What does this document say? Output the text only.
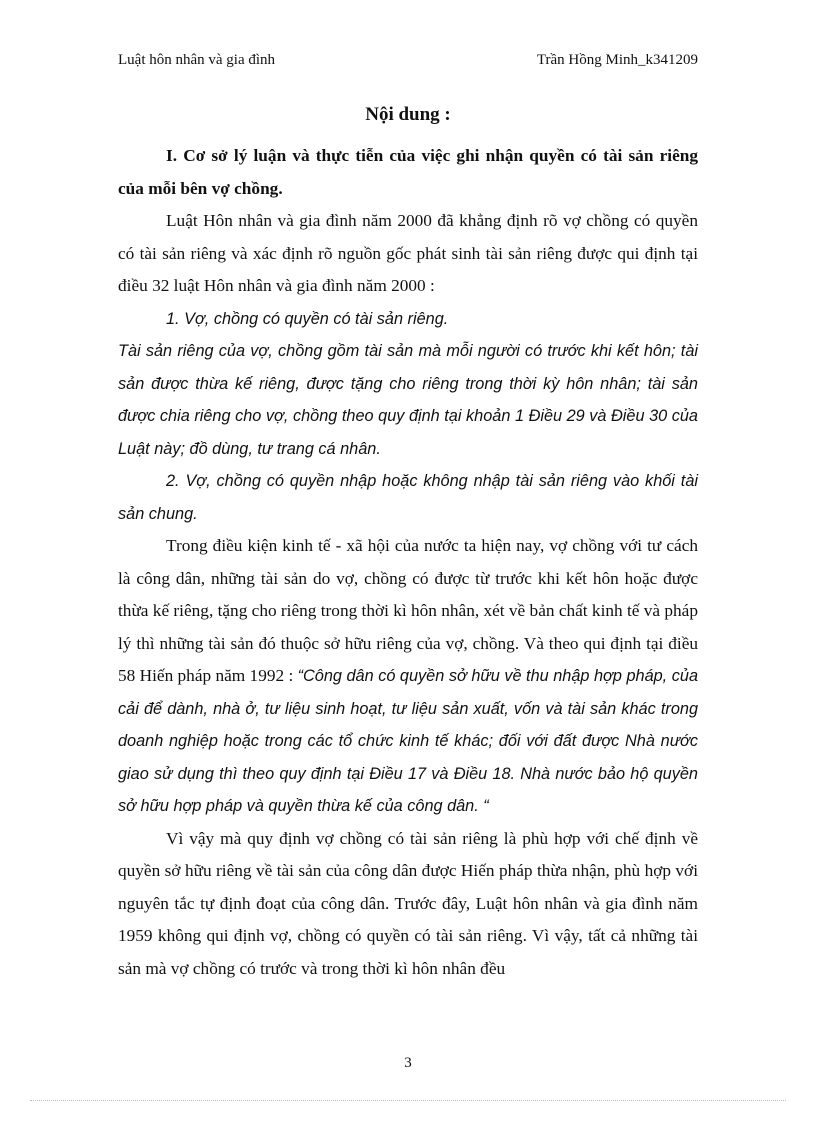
Luật hôn nhân và gia đình	Trần Hồng Minh_k341209
Nội dung :

I. Cơ sở lý luận và thực tiễn của việc ghi nhận quyền có tài sản riêng của mỗi bên vợ chồng.

Luật Hôn nhân và gia đình năm 2000 đã khẳng định rõ vợ chồng có quyền có tài sản riêng và xác định rõ nguồn gốc phát sinh tài sản riêng được qui định tại điều 32 luật Hôn nhân và gia đình năm 2000 :

1. Vợ, chồng có quyền có tài sản riêng.

Tài sản riêng của vợ, chồng gồm tài sản mà mỗi người có trước khi kết hôn; tài sản được thừa kế riêng, được tặng cho riêng trong thời kỳ hôn nhân; tài sản được chia riêng cho vợ, chồng theo quy định tại khoản 1 Điều 29 và Điều 30 của Luật này; đồ dùng, tư trang cá nhân.

2. Vợ, chồng có quyền nhập hoặc không nhập tài sản riêng vào khối tài sản chung.

Trong điều kiện kinh tế - xã hội của nước ta hiện nay, vợ chồng với tư cách là công dân, những tài sản do vợ, chồng có được từ trước khi kết hôn hoặc được thừa kế riêng, tặng cho riêng trong thời kì hôn nhân, xét về bản chất kinh tế và pháp lý thì những tài sản đó thuộc sở hữu riêng của vợ, chồng. Và theo qui định tại điều 58 Hiến pháp năm 1992 : “Công dân có quyền sở hữu về thu nhập hợp pháp, của cải để dành, nhà ở, tư liệu sinh hoạt, tư liệu sản xuất, vốn và tài sản khác trong doanh nghiệp hoặc trong các tổ chức kinh tế khác; đối với đất được Nhà nước giao sử dụng thì theo quy định tại Điều 17 và Điều 18. Nhà nước bảo hộ quyền sở hữu hợp pháp và quyền thừa kế của công dân. “

Vì vậy mà quy định vợ chồng có tài sản riêng là phù hợp với chế định về quyền sở hữu riêng về tài sản của công dân được Hiến pháp thừa nhận, phù hợp với nguyên tắc tự định đoạt của công dân. Trước đây, Luật hôn nhân và gia đình năm 1959 không qui định vợ, chồng có quyền có tài sản riêng. Vì vậy, tất cả những tài sản mà vợ chồng có trước và trong thời kì hôn nhân đều

3
